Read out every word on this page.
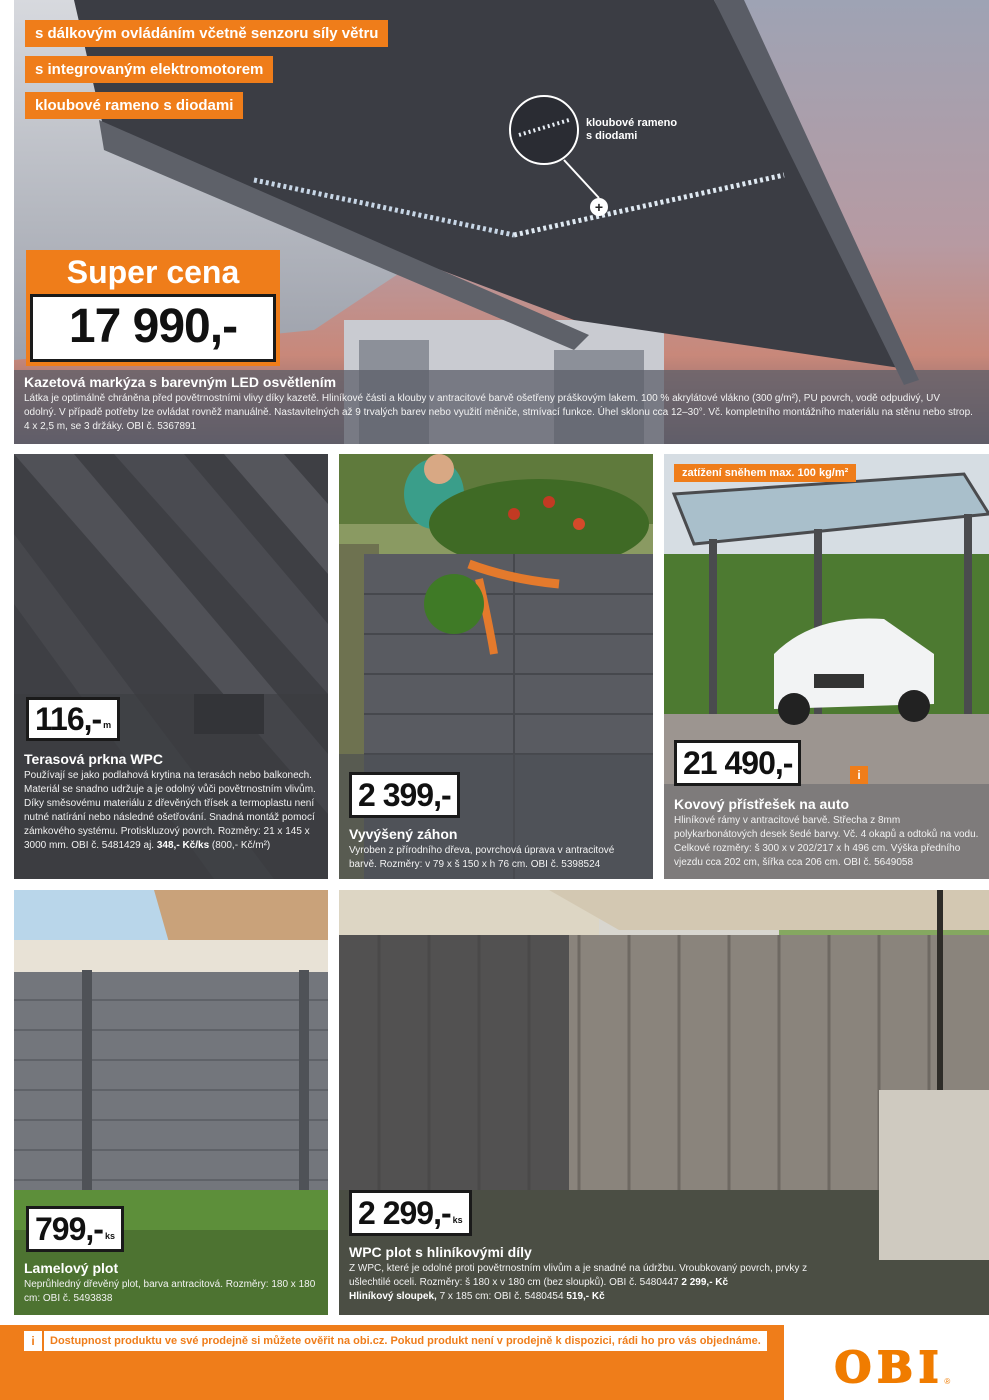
+
s dálkovým ovládáním včetně senzoru síly větru
s integrovaným elektromotorem
kloubové rameno s diodami
kloubové rameno
s diodami
Super cena
17 990,-
Kazetová markýza s barevným LED osvětlením
Látka je optimálně chráněna před povětrnostními vlivy díky kazetě. Hliníkové části a klouby v antracitové barvě ošetřeny práškovým lakem. 100 % akrylátové vlákno (300 g/m²), PU povrch, vodě odpudivý, UV odolný. V případě potřeby lze ovládat rovněž manuálně. Nastavitelných až 9 trvalých barev nebo využití měniče, stmívací funkce. Úhel sklonu cca 12–30°. Vč. kompletního montážního materiálu na stěnu nebo strop. 4 x 2,5 m, se 3 držáky. OBI č. 5367891
116,- m
Terasová prkna WPC
Používají se jako podlahová krytina na terasách nebo balkonech. Materiál se snadno udržuje a je odolný vůči povětrnostním vlivům. Díky směsovému materiálu z dřevěných třísek a termoplastu není nutné natírání nebo následné ošetřování. Snadná montáž pomocí zámkového systému. Protiskluzový povrch. Rozměry: 21 x 145 x 3000 mm. OBI č. 5481429 aj. 348,- Kč/ks (800,- Kč/m²)
2 399,-
Vyvýšený záhon
Vyroben z přírodního dřeva, povrchová úprava v antracitové barvě. Rozměry: v 79 x š 150 x h 76 cm. OBI č. 5398524
zatížení sněhem max. 100 kg/m²
21 490,-	i
Kovový přístřešek na auto
Hliníkové rámy v antracitové barvě. Střecha z 8mm polykarbonátových desek šedé barvy. Vč. 4 okapů a odtoků na vodu. Celkové rozměry: š 300 x v 202/217 x h 496 cm. Výška předního vjezdu cca 202 cm, šířka cca 206 cm. OBI č. 5649058
799,- ks
Lamelový plot
Neprůhledný dřevěný plot, barva antracitová. Rozměry: 180 x 180 cm: OBI č. 5493838
2 299,- ks
WPC plot s hliníkovými díly
Z WPC, které je odolné proti povětrnostním vlivům a je snadné na údržbu. Vroubkovaný povrch, prvky z ušlechtilé oceli. Rozměry: š 180 x v 180 cm (bez sloupků). OBI č. 5480447 2 299,- Kč
Hliníkový sloupek, 7 x 185 cm: OBI č. 5480454 519,- Kč
i	Dostupnost produktu ve své prodejně si můžete ověřit na obi.cz. Pokud produkt není v prodejně k dispozici, rádi ho pro vás objednáme.
OBI ®
